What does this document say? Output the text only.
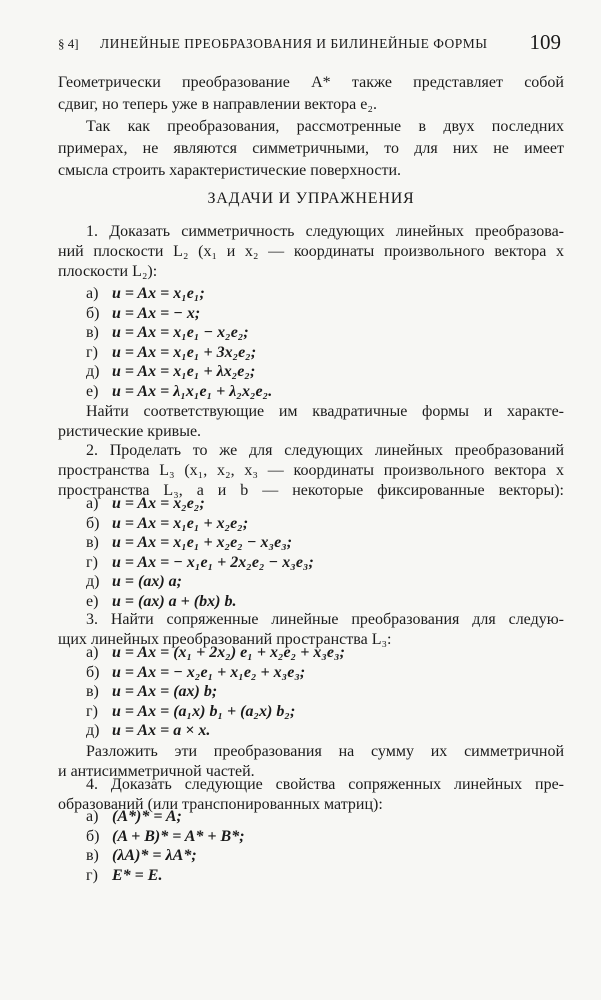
§ 4] ЛИНЕЙНЫЕ ПРЕОБРАЗОВАНИЯ И БИЛИНЕЙНЫЕ ФОРМЫ 109
Геометрически преобразование A* также представляет собой
сдвиг, но теперь уже в направлении вектора e₂.
Так как преобразования, рассмотренные в двух последних
примерах, не являются симметричными, то для них не имеет
смысла строить характеристические поверхности.
ЗАДАЧИ И УПРАЖНЕНИЯ
1. Доказать симметричность следующих линейных преобразова-
ний плоскости L₂ (x₁ и x₂ — координаты произвольного вектора x
плоскости L₂):
а) u = Ax = x₁e₁;
б) u = Ax = − x;
в) u = Ax = x₁e₁ − x₂e₂;
г) u = Ax = x₁e₁ + 3x₂e₂;
д) u = Ax = x₁e₁ + λx₂e₂;
е) u = Ax = λ₁x₁e₁ + λ₂x₂e₂.
Найти соответствующие им квадратичные формы и характе-
ристические кривые.
2. Проделать то же для следующих линейных преобразований
пространства L₃ (x₁, x₂, x₃ — координаты произвольного вектора x
пространства L₃, a и b — некоторые фиксированные векторы):
а) u = Ax = x₂e₂;
б) u = Ax = x₁e₁ + x₂e₂;
в) u = Ax = x₁e₁ + x₂e₂ − x₃e₃;
г) u = Ax = − x₁e₁ + 2x₂e₂ − x₃e₃;
д) u = (ax) a;
е) u = (ax) a + (bx) b.
3. Найти сопряженные линейные преобразования для следую-
щих линейных преобразований пространства L₃:
а) u = Ax = (x₁ + 2x₂) e₁ + x₂e₂ + x₃e₃;
б) u = Ax = − x₂e₁ + x₁e₂ + x₃e₃;
в) u = Ax = (ax) b;
г) u = Ax = (a₁x) b₁ + (a₂x) b₂;
д) u = Ax = a × x.
Разложить эти преобразования на сумму их симметричной
и антисимметричной частей.
4. Доказать следующие свойства сопряженных линейных пре-
образований (или транспонированных матриц):
а) (A*)* = A;
б) (A + B)* = A* + B*;
в) (λA)* = λA*;
г) E* = E.
